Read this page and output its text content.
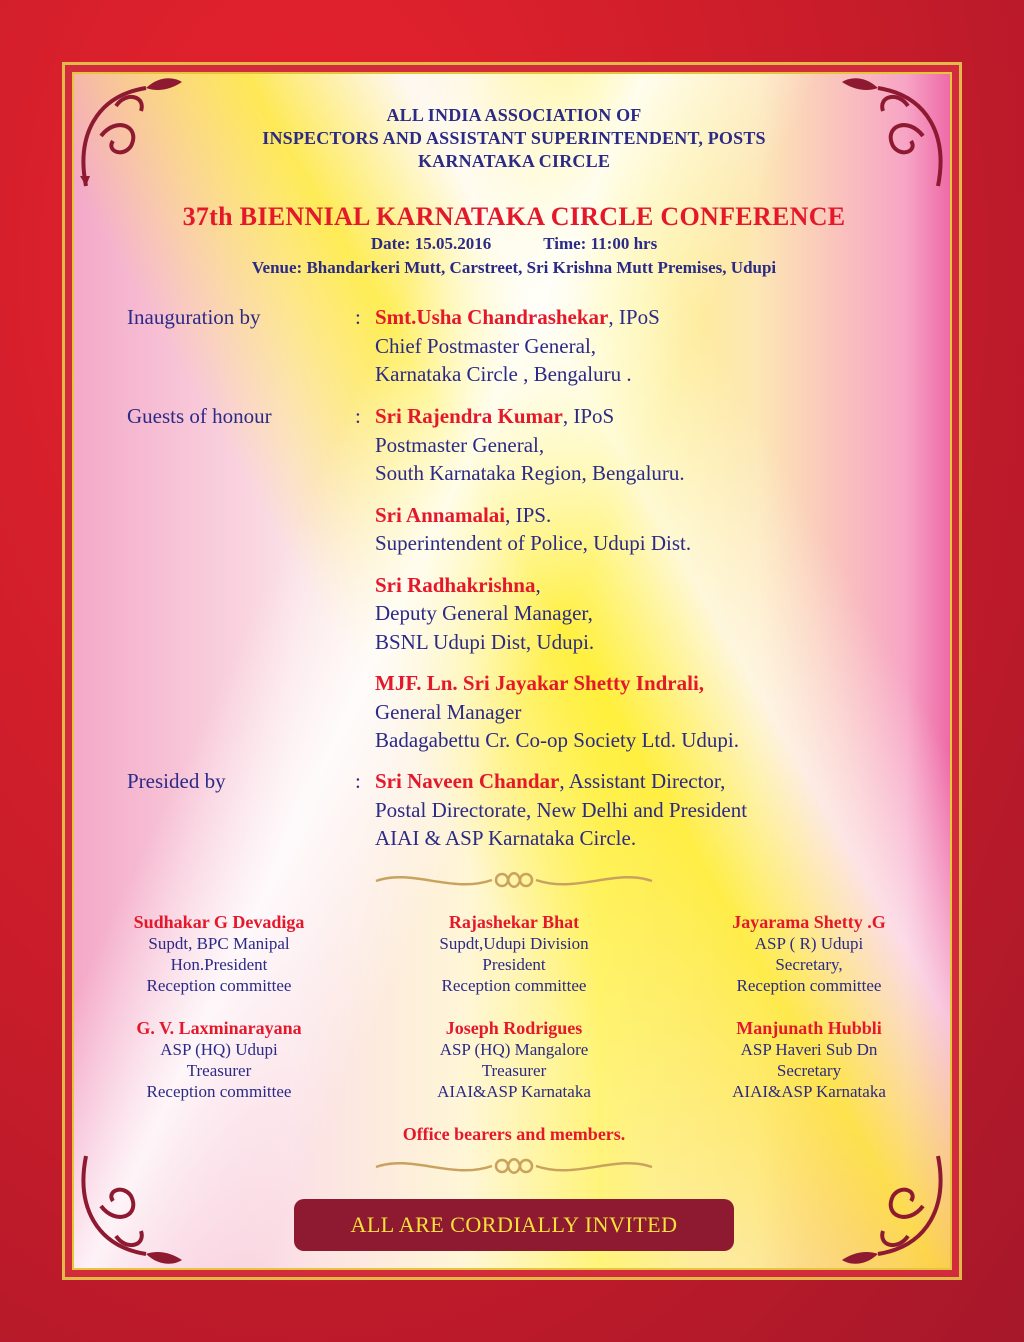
ALL INDIA ASSOCIATION OF
INSPECTORS AND ASSISTANT SUPERINTENDENT, POSTS
KARNATAKA CIRCLE
37th BIENNIAL KARNATAKA CIRCLE CONFERENCE
Date: 15.05.2016	Time: 11:00 hrs
Venue: Bhandarkeri Mutt, Carstreet, Sri Krishna Mutt Premises, Udupi
Inauguration by	: Smt.Usha Chandrashekar, IPoS
Chief Postmaster General,
Karnataka Circle , Bengaluru .
Guests of honour	: Sri Rajendra Kumar, IPoS
Postmaster General,
South Karnataka Region, Bengaluru.
Sri Annamalai, IPS.
Superintendent of Police, Udupi Dist.
Sri Radhakrishna,
Deputy General Manager,
BSNL Udupi Dist, Udupi.
MJF. Ln. Sri Jayakar Shetty Indrali,
General Manager
Badagabettu Cr. Co-op Society Ltd. Udupi.
Presided by	: Sri Naveen Chandar, Assistant Director,
Postal Directorate, New Delhi and President
AIAI & ASP Karnataka Circle.
Sudhakar G Devadiga
Supdt, BPC Manipal
Hon.President
Reception committee
Rajashekar Bhat
Supdt,Udupi Division
President
Reception committee
Jayarama Shetty .G
ASP ( R) Udupi
Secretary,
Reception committee
G. V. Laxminarayana
ASP (HQ) Udupi
Treasurer
Reception committee
Joseph Rodrigues
ASP (HQ) Mangalore
Treasurer
AIAI&ASP Karnataka
Manjunath Hubbli
ASP Haveri Sub Dn
Secretary
AIAI&ASP Karnataka
Office bearers and members.
ALL ARE CORDIALLY INVITED
